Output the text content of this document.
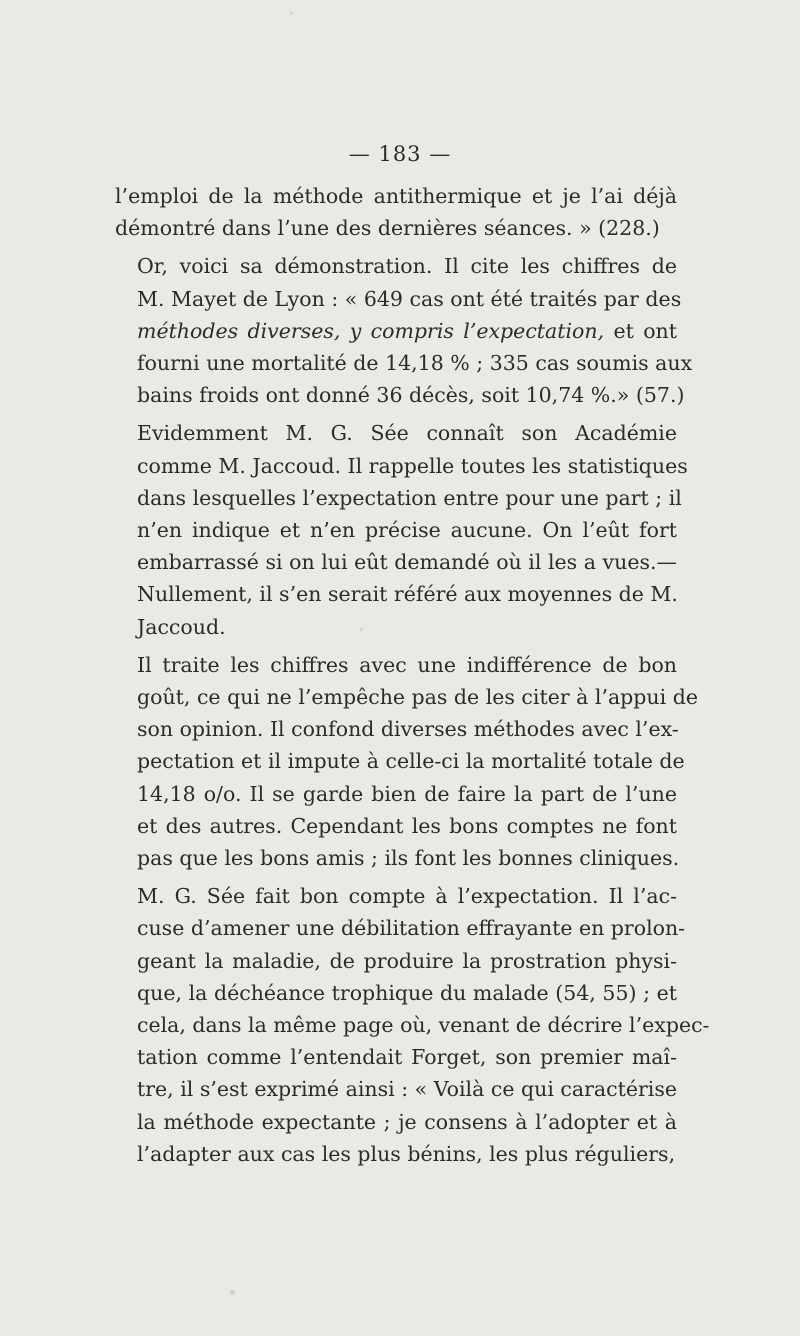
— 183 —

l’emploi de la méthode antithermique et je l’ai déjà
démontré dans l’une des dernières séances. » (228.)

Or, voici sa démonstration. Il cite les chiffres de
M. Mayet de Lyon : « 649 cas ont été traités par des
méthodes diverses, y compris l’expectation, et ont
fourni une mortalité de 14,18 % ; 335 cas soumis aux
bains froids ont donné 36 décès, soit 10,74 %.» (57.)

Evidemment M. G. Sée connaît son Académie
comme M. Jaccoud. Il rappelle toutes les statistiques
dans lesquelles l’expectation entre pour une part ; il
n’en indique et n’en précise aucune. On l’eût fort
embarrassé si on lui eût demandé où il les a vues.—
Nullement, il s’en serait référé aux moyennes de M.
Jaccoud.

Il traite les chiffres avec une indifférence de bon
goût, ce qui ne l’empêche pas de les citer à l’appui de
son opinion. Il confond diverses méthodes avec l’ex-
pectation et il impute à celle-ci la mortalité totale de
14,18 o/o. Il se garde bien de faire la part de l’une
et des autres. Cependant les bons comptes ne font
pas que les bons amis ; ils font les bonnes cliniques.

M. G. Sée fait bon compte à l’expectation. Il l’ac-
cuse d’amener une débilitation effrayante en prolon-
geant la maladie, de produire la prostration physi-
que, la déchéance trophique du malade (54, 55) ; et
cela, dans la même page où, venant de décrire l’expec-
tation comme l’entendait Forget, son premier maî-
tre, il s’est exprimé ainsi : « Voilà ce qui caractérise
la méthode expectante ; je consens à l’adopter et à
l’adapter aux cas les plus bénins, les plus réguliers,
